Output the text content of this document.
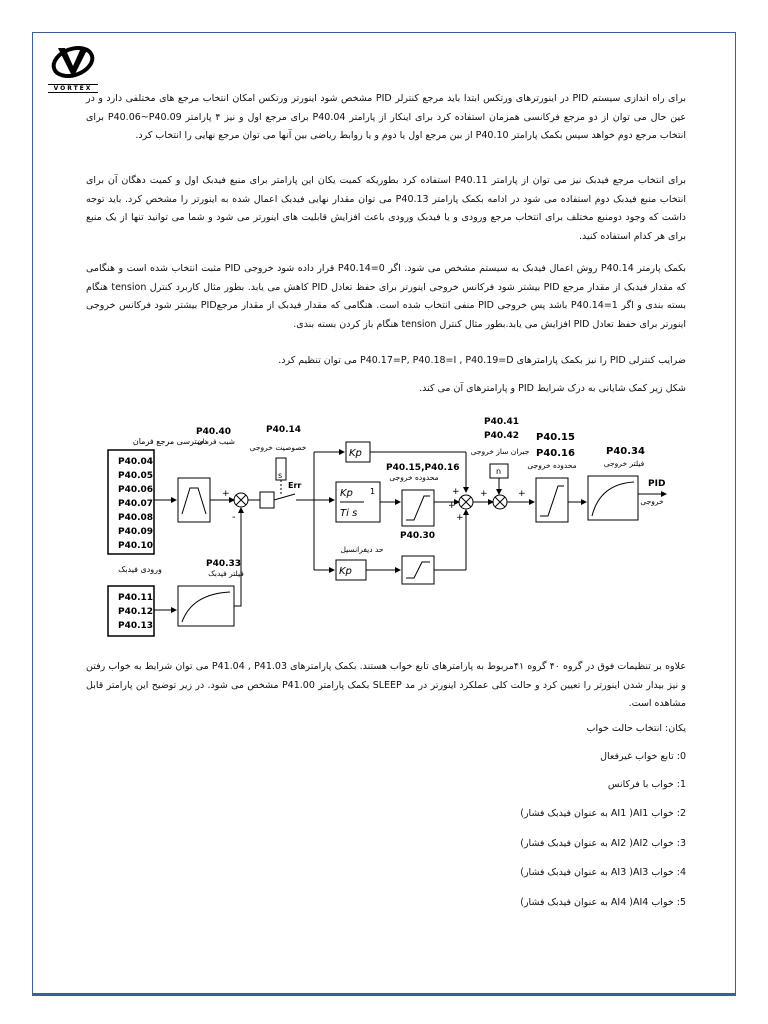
VORTEX
برای راه اندازی سیستم PID در اینورترهای ورتکس ابتدا باید مرجع کنترلر PID مشخص شود اینورتر ورتکس امکان انتخاب مرجع های مختلفی دارد و در عین حال می توان از دو مرجع فرکانسی همزمان استفاده کرد برای اینکار از پارامتر P40.04 برای مرجع اول و نیز ۴ پارامتر P40.06~P40.09 برای انتخاب مرجع دوم خواهد سپس بکمک پارامتر P40.10 از بین مرجع اول یا دوم و یا روابط ریاضی بین آنها می توان مرجع نهایی را انتخاب کرد.
برای انتخاب مرجع فیدبک نیز می توان از پارامتر P40.11 استفاده کرد بطوریکه کمیت یکان این پارامتر برای منبع فیدبک اول و کمیت دهگان آن برای انتخاب منبع فیدبک دوم استفاده می شود در ادامه بکمک پارامتر P40.13 می توان مقدار نهایی فیدبک اعمال شده به اینورتر را مشخص کرد. باید توجه داشت که وجود دومنبع مختلف برای انتخاب مرجع ورودی و یا فیدبک ورودی باعث افزایش قابلیت های اینورتر می شود و شما می توانید تنها از یک منبع برای هر کدام استفاده کنید.
بکمک پارمتر P40.14 روش اعمال فیدبک به سیستم مشخص می شود. اگر P40.14=0 قرار داده شود خروجی PID مثبت انتخاب شده است و هنگامی که مقدار فیدبک از مقدار مرجع PID بیشتر شود فرکانس خروجی اینورتر برای حفظ تعادل PID کاهش می یابد. بطور مثال کاربرد کنترل tension هنگام بسته بندی و اگر P40.14=1 باشد پس خروجی PID منفی انتخاب شده است. هنگامی که مقدار فیدبک از مقدار مرجعPID بیشتر شود فرکانس خروجی اینورتر برای حفظ تعادل PID افزایش می یابد.بطور مثال کنترل tension هنگام باز کردن بسته بندی.
ضرایب کنترلی PID را نیز بکمک پارامترهای P40.17=P, P40.18=I , P40.19=D می توان تنظیم کرد.
شکل زیر کمک شایانی به درک شرایط PID و پارامترهای آن می کند.
دسترسی مرجع فرمان
P40.04
P40.05
P40.06
P40.07
P40.08
P40.09
P40.10
P40.40
شیب فرمان
+
-
ورودی فیدبک
P40.11
P40.12
P40.13
P40.33
فیلتر فیدبک
P40.14
خصوصیت خروجی
s
Err
Kp
Kp
Ti s
1
P40.15,P40.16
محدوده خروجی
P40.30
حد دیفرانسیل
Kp
+
+
+
+
P40.41
P40.42
جبران ساز خروجی
n
+
P40.15
P40.16
محدوده خروجی
P40.34
فیلتر خروجی
PID
خروجی
علاوه بر تنظیمات فوق در گروه ۴۰ گروه ۴۱مربوط به پارامترهای تابع خواب هستند. بکمک پارامترهای P41.04 , P41.03 می توان شرایط به خواب رفتن و نیز بیدار شدن اینورتر را تعیین کرد و حالت کلی عملکرد اینورتر در مد SLEEP بکمک پارامتر P41.00 مشخص می شود. در زیر توضیح این پارامتر قابل مشاهده است.
یکان: انتخاب حالت خواب
0: تابع خواب غیرفعال
1: خواب با فرکانس
2: خواب AI1( AI1 به عنوان فیدبک فشار)
3: خواب AI2( AI2 به عنوان فیدبک فشار)
4: خواب AI3( AI3 به عنوان فیدبک فشار)
5: خواب AI4( AI4 به عنوان فیدبک فشار)
